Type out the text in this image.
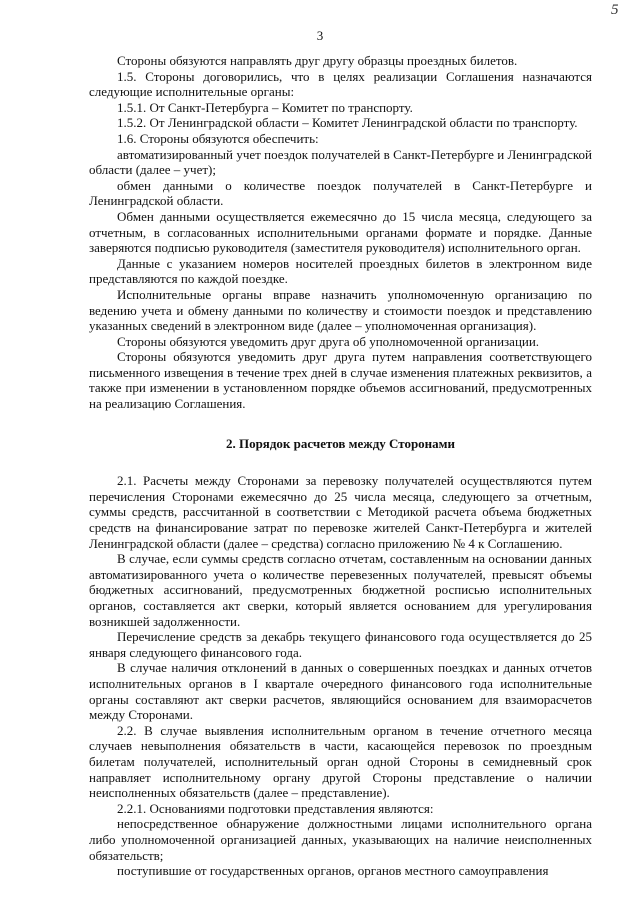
5
3

Стороны обязуются направлять друг другу образцы проездных билетов.

1.5. Стороны договорились, что в целях реализации Соглашения назначаются следующие исполнительные органы:

1.5.1. От Санкт-Петербурга – Комитет по транспорту.

1.5.2. От Ленинградской области – Комитет Ленинградской области по транспорту.

1.6. Стороны обязуются обеспечить:

автоматизированный учет поездок получателей в Санкт-Петербурге и Ленинградской области (далее – учет);

обмен данными о количестве поездок получателей в Санкт-Петербурге и Ленинградской области.

Обмен данными осуществляется ежемесячно до 15 числа месяца, следующего за отчетным, в согласованных исполнительными органами формате и порядке. Данные заверяются подписью руководителя (заместителя руководителя) исполнительного орган.

Данные с указанием номеров носителей проездных билетов в электронном виде представляются по каждой поездке.

Исполнительные органы вправе назначить уполномоченную организацию по ведению учета и обмену данными по количеству и стоимости поездок и представлению указанных сведений в электронном виде (далее – уполномоченная организация).

Стороны обязуются уведомить друг друга об уполномоченной организации.

Стороны обязуются уведомить друг друга путем направления соответствующего письменного извещения в течение трех дней в случае изменения платежных реквизитов, а также при изменении в установленном порядке объемов ассигнований, предусмотренных на реализацию Соглашения.

2. Порядок расчетов между Сторонами

2.1. Расчеты между Сторонами за перевозку получателей осуществляются путем перечисления Сторонами ежемесячно до 25 числа месяца, следующего за отчетным, суммы средств, рассчитанной в соответствии с Методикой расчета объема бюджетных средств на финансирование затрат по перевозке жителей Санкт-Петербурга и жителей Ленинградской области (далее – средства) согласно приложению № 4 к Соглашению.

В случае, если суммы средств согласно отчетам, составленным на основании данных автоматизированного учета о количестве перевезенных получателей, превысят объемы бюджетных ассигнований, предусмотренных бюджетной росписью исполнительных органов, составляется акт сверки, который является основанием для урегулирования возникшей задолженности.

Перечисление средств за декабрь текущего финансового года осуществляется до 25 января следующего финансового года.

В случае наличия отклонений в данных о совершенных поездках и данных отчетов исполнительных органов в I квартале очередного финансового года исполнительные органы составляют акт сверки расчетов, являющийся основанием для взаиморасчетов между Сторонами.

2.2. В случае выявления исполнительным органом в течение отчетного месяца случаев невыполнения обязательств в части, касающейся перевозок по проездным билетам получателей, исполнительный орган одной Стороны в семидневный срок направляет исполнительному органу другой Стороны представление о наличии неисполненных обязательств (далее – представление).

2.2.1. Основаниями подготовки представления являются:

непосредственное обнаружение должностными лицами исполнительного органа либо уполномоченной организацией данных, указывающих на наличие неисполненных обязательств;

поступившие от государственных органов, органов местного самоуправления
